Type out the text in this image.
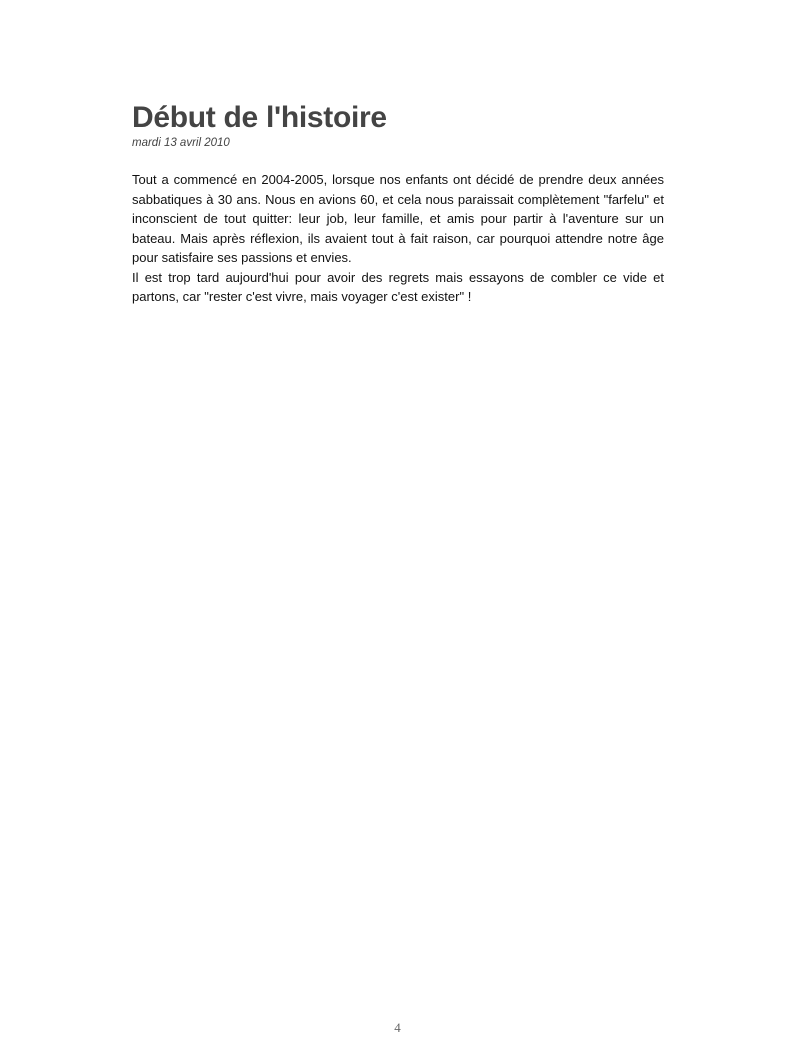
Début de l'histoire
mardi 13 avril 2010

Tout a commencé en 2004-2005, lorsque nos enfants ont décidé de prendre deux années sabbatiques à 30 ans. Nous en avions 60, et cela nous paraissait complètement "farfelu" et inconscient de tout quitter: leur job, leur famille, et amis pour partir à l'aventure sur un bateau. Mais après réflexion, ils avaient tout à fait raison, car pourquoi attendre notre âge pour satisfaire ses passions et envies.

Il est trop tard aujourd'hui pour avoir des regrets mais essayons de combler ce vide et partons, car "rester c'est vivre, mais voyager c'est exister" !

4
